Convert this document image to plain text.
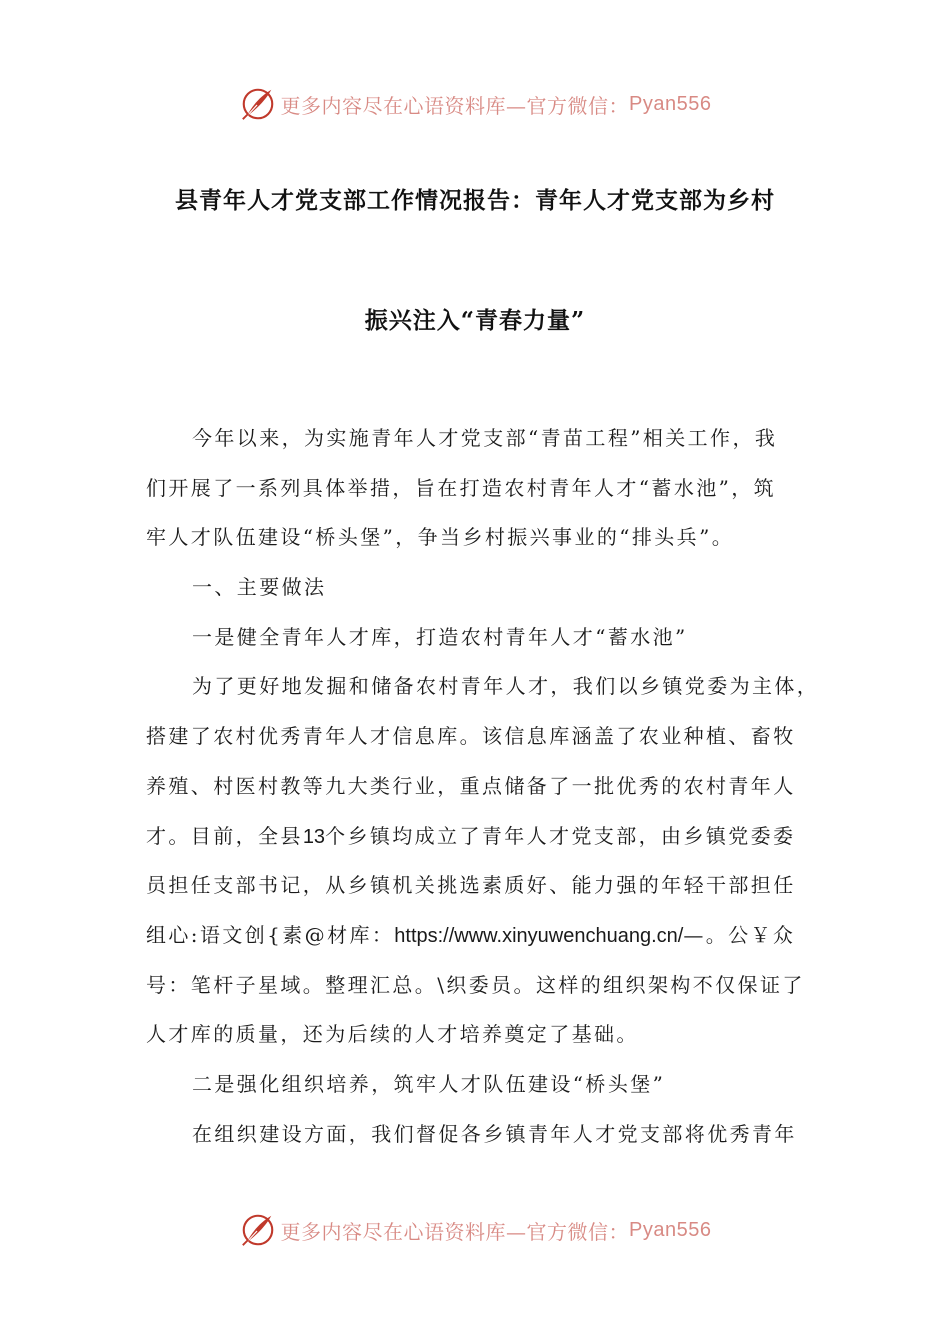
更多内容尽在心语资料库—官方微信： Pyan556
县青年人才党支部工作情况报告：青年人才党支部为乡村
振兴注入“青春力量”
今年以来，为实施青年人才党支部“青苗工程”相关工作，我
们开展了一系列具体举措，旨在打造农村青年人才“蓄水池”，筑
牢人才队伍建设“桥头堡”，争当乡村振兴事业的“排头兵”。
一、主要做法
一是健全青年人才库，打造农村青年人才“蓄水池”
为了更好地发掘和储备农村青年人才，我们以乡镇党委为主体，
搭建了农村优秀青年人才信息库。该信息库涵盖了农业种植、畜牧
养殖、村医村教等九大类行业，重点储备了一批优秀的农村青年人
才。目前，全县13个乡镇均成立了青年人才党支部，由乡镇党委委
员担任支部书记，从乡镇机关挑选素质好、能力强的年轻干部担任
组心:语文创{素@材库：https://www.xinyuwenchuang.cn/—。公￥众
号：笔杆子星域。整理汇总。\织委员。这样的组织架构不仅保证了
人才库的质量，还为后续的人才培养奠定了基础。
二是强化组织培养，筑牢人才队伍建设“桥头堡”
在组织建设方面，我们督促各乡镇青年人才党支部将优秀青年
更多内容尽在心语资料库—官方微信： Pyan556
